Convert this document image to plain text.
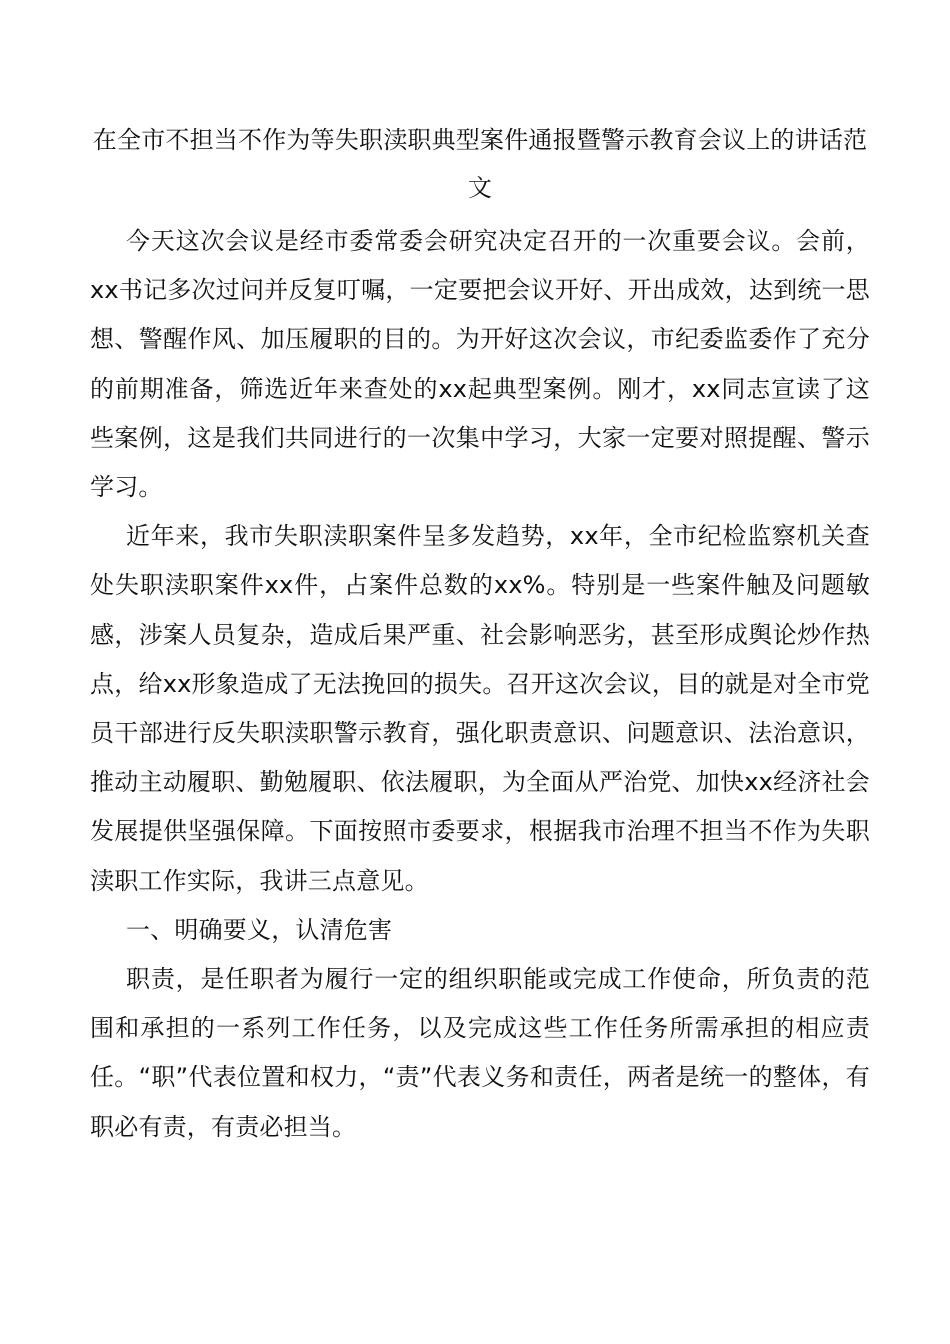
在全市不担当不作为等失职渎职典型案件通报暨警示教育会议上的讲话范文

今天这次会议是经市委常委会研究决定召开的一次重要会议。会前，xx书记多次过问并反复叮嘱，一定要把会议开好、开出成效，达到统一思想、警醒作风、加压履职的目的。为开好这次会议，市纪委监委作了充分的前期准备，筛选近年来查处的xx起典型案例。刚才，xx同志宣读了这些案例，这是我们共同进行的一次集中学习，大家一定要对照提醒、警示学习。

近年来，我市失职渎职案件呈多发趋势，xx年，全市纪检监察机关查处失职渎职案件xx件，占案件总数的xx%。特别是一些案件触及问题敏感，涉案人员复杂，造成后果严重、社会影响恶劣，甚至形成舆论炒作热点，给xx形象造成了无法挽回的损失。召开这次会议，目的就是对全市党员干部进行反失职渎职警示教育，强化职责意识、问题意识、法治意识，推动主动履职、勤勉履职、依法履职，为全面从严治党、加快xx经济社会发展提供坚强保障。下面按照市委要求，根据我市治理不担当不作为失职渎职工作实际，我讲三点意见。

一、明确要义，认清危害

职责，是任职者为履行一定的组织职能或完成工作使命，所负责的范围和承担的一系列工作任务，以及完成这些工作任务所需承担的相应责任。“职”代表位置和权力，“责”代表义务和责任，两者是统一的整体，有职必有责，有责必担当。
